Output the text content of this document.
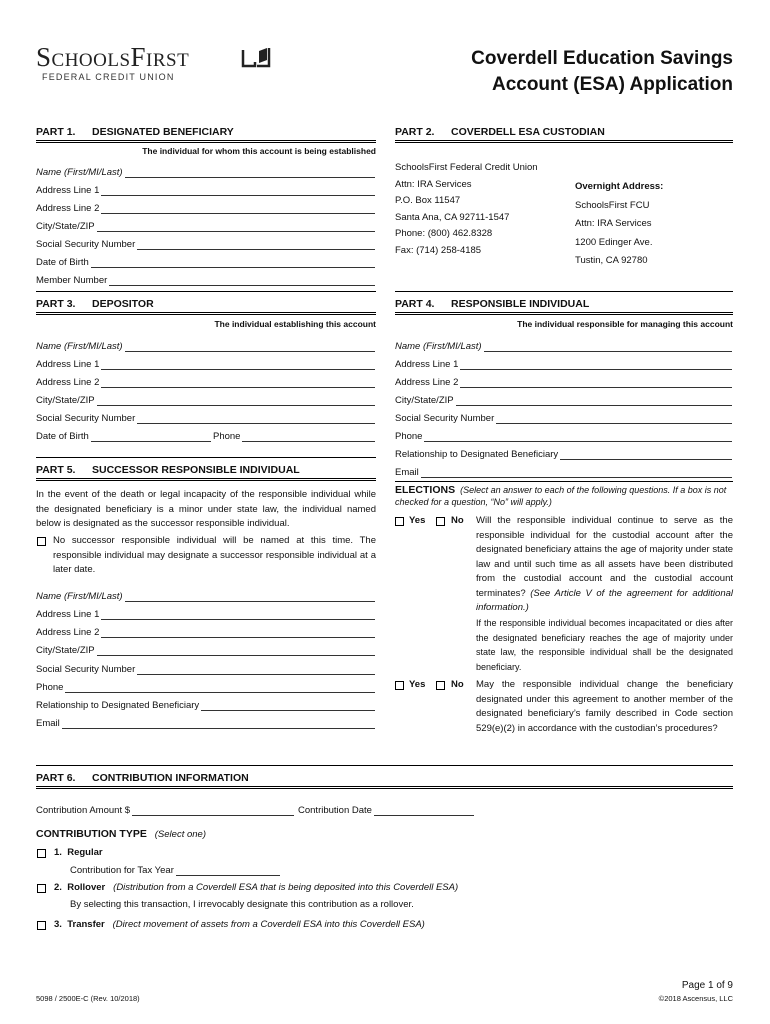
SchoolsFirst
FEDERAL CREDIT UNION
Coverdell Education Savings
Account (ESA) Application
PART 1. DESIGNATED BENEFICIARY
The individual for whom this account is being established
Name (First/MI/Last)
Address Line 1
Address Line 2
City/State/ZIP
Social Security Number
Date of Birth
Member Number
PART 2. COVERDELL ESA CUSTODIAN
SchoolsFirst Federal Credit Union
Attn: IRA Services
P.O. Box 11547
Santa Ana, CA 92711-1547
Phone: (800) 462.8328
Fax: (714) 258-4185
Overnight Address:
SchoolsFirst FCU
Attn: IRA Services
1200 Edinger Ave.
Tustin, CA 92780
PART 3. DEPOSITOR
The individual establishing this account
Name (First/MI/Last)
Address Line 1
Address Line 2
City/State/ZIP
Social Security Number
Date of Birth	Phone
PART 4. RESPONSIBLE INDIVIDUAL
The individual responsible for managing this account
Name (First/MI/Last)
Address Line 1
Address Line 2
City/State/ZIP
Social Security Number
Phone
Relationship to Designated Beneficiary
Email
PART 5. SUCCESSOR RESPONSIBLE INDIVIDUAL
In the event of the death or legal incapacity of the responsible individual while the designated beneficiary is a minor under state law, the individual named below is designated as the successor responsible individual.
No successor responsible individual will be named at this time. The responsible individual may designate a successor responsible individual at a later date.
Name (First/MI/Last)
Address Line 1
Address Line 2
City/State/ZIP
Social Security Number
Phone
Relationship to Designated Beneficiary
Email
ELECTIONS (Select an answer to each of the following questions. If a box is not checked for a question, “No” will apply.)
Yes	No Will the responsible individual continue to serve as the responsible individual for the custodial account after the designated beneficiary attains the age of majority under state law and until such time as all assets have been distributed from the custodial account and the custodial account terminates? (See Article V of the agreement for additional information.)
If the responsible individual becomes incapacitated or dies after the designated beneficiary reaches the age of majority under state law, the responsible individual shall be the designated beneficiary.
Yes	No May the responsible individual change the beneficiary designated under this agreement to another member of the designated beneficiary’s family described in Code section 529(e)(2) in accordance with the custodian’s procedures?
PART 6. CONTRIBUTION INFORMATION
Contribution Amount $	Contribution Date
CONTRIBUTION TYPE (Select one)
1. Regular
Contribution for Tax Year
2. Rollover (Distribution from a Coverdell ESA that is being deposited into this Coverdell ESA)
By selecting this transaction, I irrevocably designate this contribution as a rollover.
3. Transfer (Direct movement of assets from a Coverdell ESA into this Coverdell ESA)
5098 / 2500E-C (Rev. 10/2018)
Page 1 of 9
©2018 Ascensus, LLC
